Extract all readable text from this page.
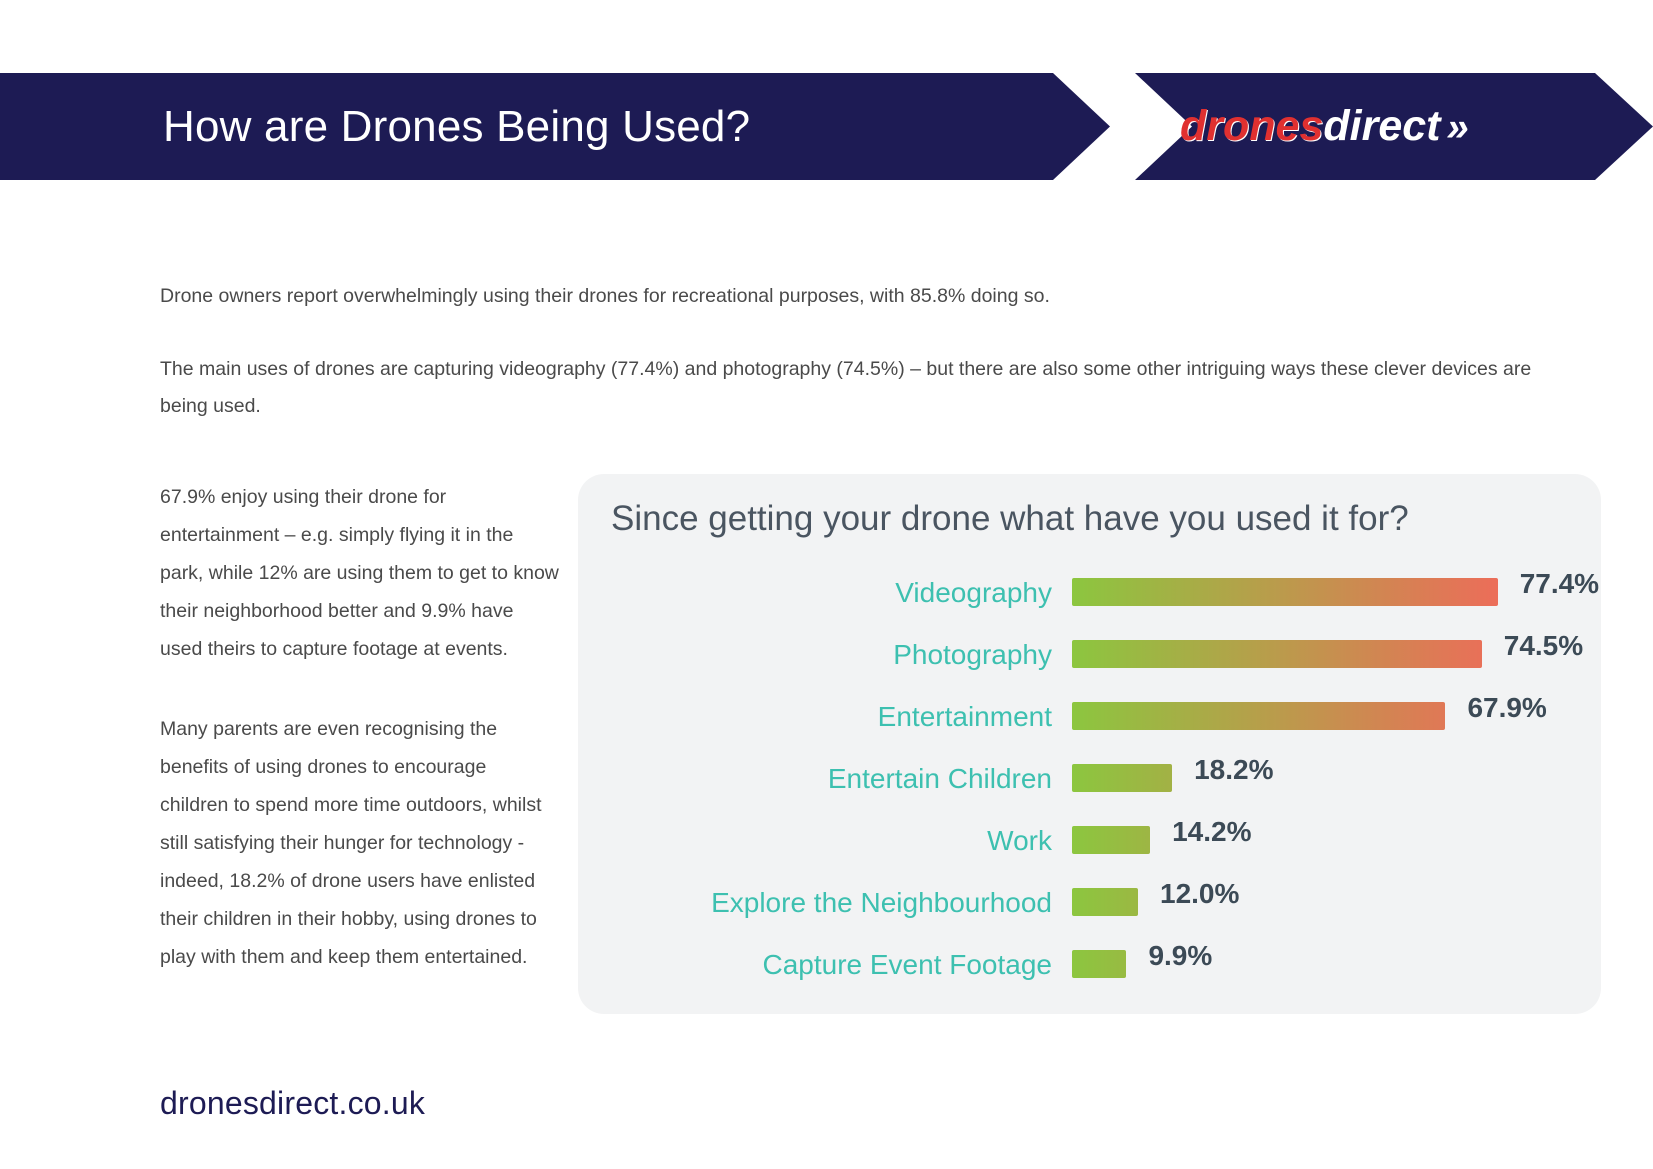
How are Drones Being Used?	dronesdirect »

Drone owners report overwhelmingly using their drones for recreational purposes, with 85.8% doing so.

The main uses of drones are capturing videography (77.4%) and photography (74.5%) – but there are also some other intriguing ways these clever devices are being used.

67.9% enjoy using their drone for entertainment – e.g. simply flying it in the park, while 12% are using them to get to know their neighborhood better and 9.9% have used theirs to capture footage at events.

Many parents are even recognising the benefits of using drones to encourage children to spend more time outdoors, whilst still satisfying their hunger for technology - indeed, 18.2% of drone users have enlisted their children in their hobby, using drones to play with them and keep them entertained.

dronesdirect.co.uk
Since getting your drone what have you used it for?
Videography	77.4%
Photography	74.5%
Entertainment	67.9%
Entertain Children	18.2%
Work	14.2%
Explore the Neighbourhood	12.0%
Capture Event Footage	9.9%
